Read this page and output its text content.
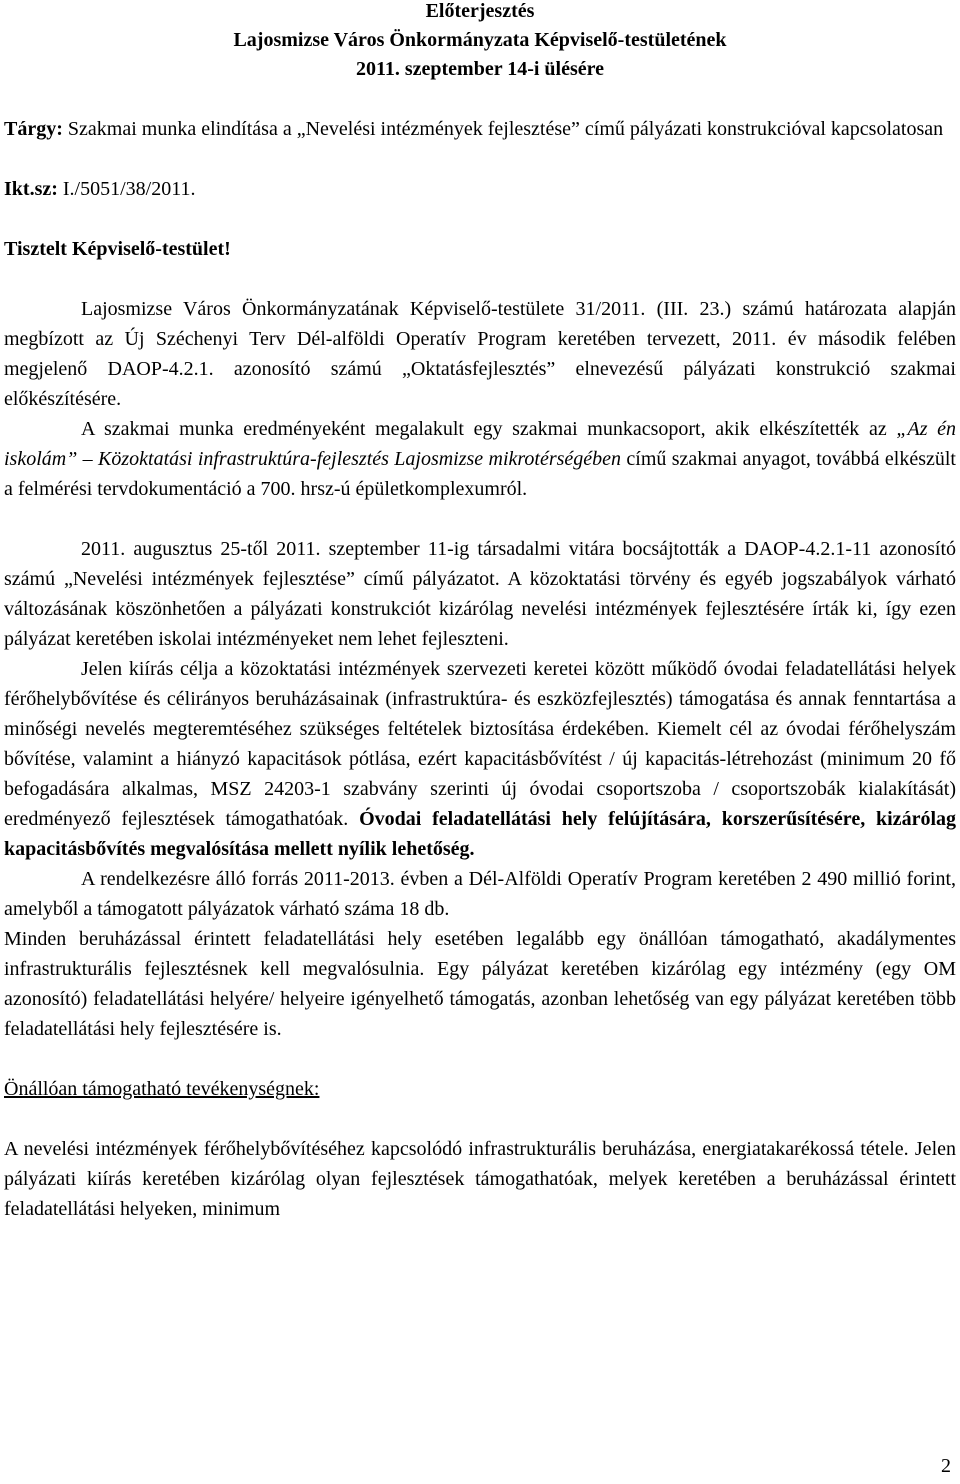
Előterjesztés
Lajosmizse Város Önkormányzata Képviselő-testületének
2011. szeptember 14-i ülésére

Tárgy: Szakmai munka elindítása a „Nevelési intézmények fejlesztése” című pályázati konstrukcióval kapcsolatosan

Ikt.sz: I./5051/38/2011.

Tisztelt Képviselő-testület!

Lajosmizse Város Önkormányzatának Képviselő-testülete 31/2011. (III. 23.) számú határozata alapján megbízott az Új Széchenyi Terv Dél-alföldi Operatív Program keretében tervezett, 2011. év második felében megjelenő DAOP-4.2.1. azonosító számú „Oktatásfejlesztés” elnevezésű pályázati konstrukció szakmai előkészítésére.

A szakmai munka eredményeként megalakult egy szakmai munkacsoport, akik elkészítették az „Az én iskolám” – Közoktatási infrastruktúra-fejlesztés Lajosmizse mikrotérségében című szakmai anyagot, továbbá elkészült a felmérési tervdokumentáció a 700. hrsz-ú épületkomplexumról.

2011. augusztus 25-től 2011. szeptember 11-ig társadalmi vitára bocsájtották a DAOP-4.2.1-11 azonosító számú „Nevelési intézmények fejlesztése” című pályázatot. A közoktatási törvény és egyéb jogszabályok várható változásának köszönhetően a pályázati konstrukciót kizárólag nevelési intézmények fejlesztésére írták ki, így ezen pályázat keretében iskolai intézményeket nem lehet fejleszteni.

Jelen kiírás célja a közoktatási intézmények szervezeti keretei között működő óvodai feladatellátási helyek férőhelybővítése és célirányos beruházásainak (infrastruktúra- és eszközfejlesztés) támogatása és annak fenntartása a minőségi nevelés megteremtéséhez szükséges feltételek biztosítása érdekében. Kiemelt cél az óvodai férőhelyszám bővítése, valamint a hiányzó kapacitások pótlása, ezért kapacitásbővítést / új kapacitás-létrehozást (minimum 20 fő befogadására alkalmas, MSZ 24203-1 szabvány szerinti új óvodai csoportszoba / csoportszobák kialakítását) eredményező fejlesztések támogathatóak. Óvodai feladatellátási hely felújítására, korszerűsítésére, kizárólag kapacitásbővítés megvalósítása mellett nyílik lehetőség.

A rendelkezésre álló forrás 2011-2013. évben a Dél-Alföldi Operatív Program keretében 2 490 millió forint, amelyből a támogatott pályázatok várható száma 18 db.

Minden beruházással érintett feladatellátási hely esetében legalább egy önállóan támogatható, akadálymentes infrastrukturális fejlesztésnek kell megvalósulnia. Egy pályázat keretében kizárólag egy intézmény (egy OM azonosító) feladatellátási helyére/ helyeire igényelhető támogatás, azonban lehetőség van egy pályázat keretében több feladatellátási hely fejlesztésére is.

Önállóan támogatható tevékenységnek:

A nevelési intézmények férőhelybővítéséhez kapcsolódó infrastrukturális beruházása, energiatakarékossá tétele. Jelen pályázati kiírás keretében kizárólag olyan fejlesztések támogathatóak, melyek keretében a beruházással érintett feladatellátási helyeken, minimum

2
